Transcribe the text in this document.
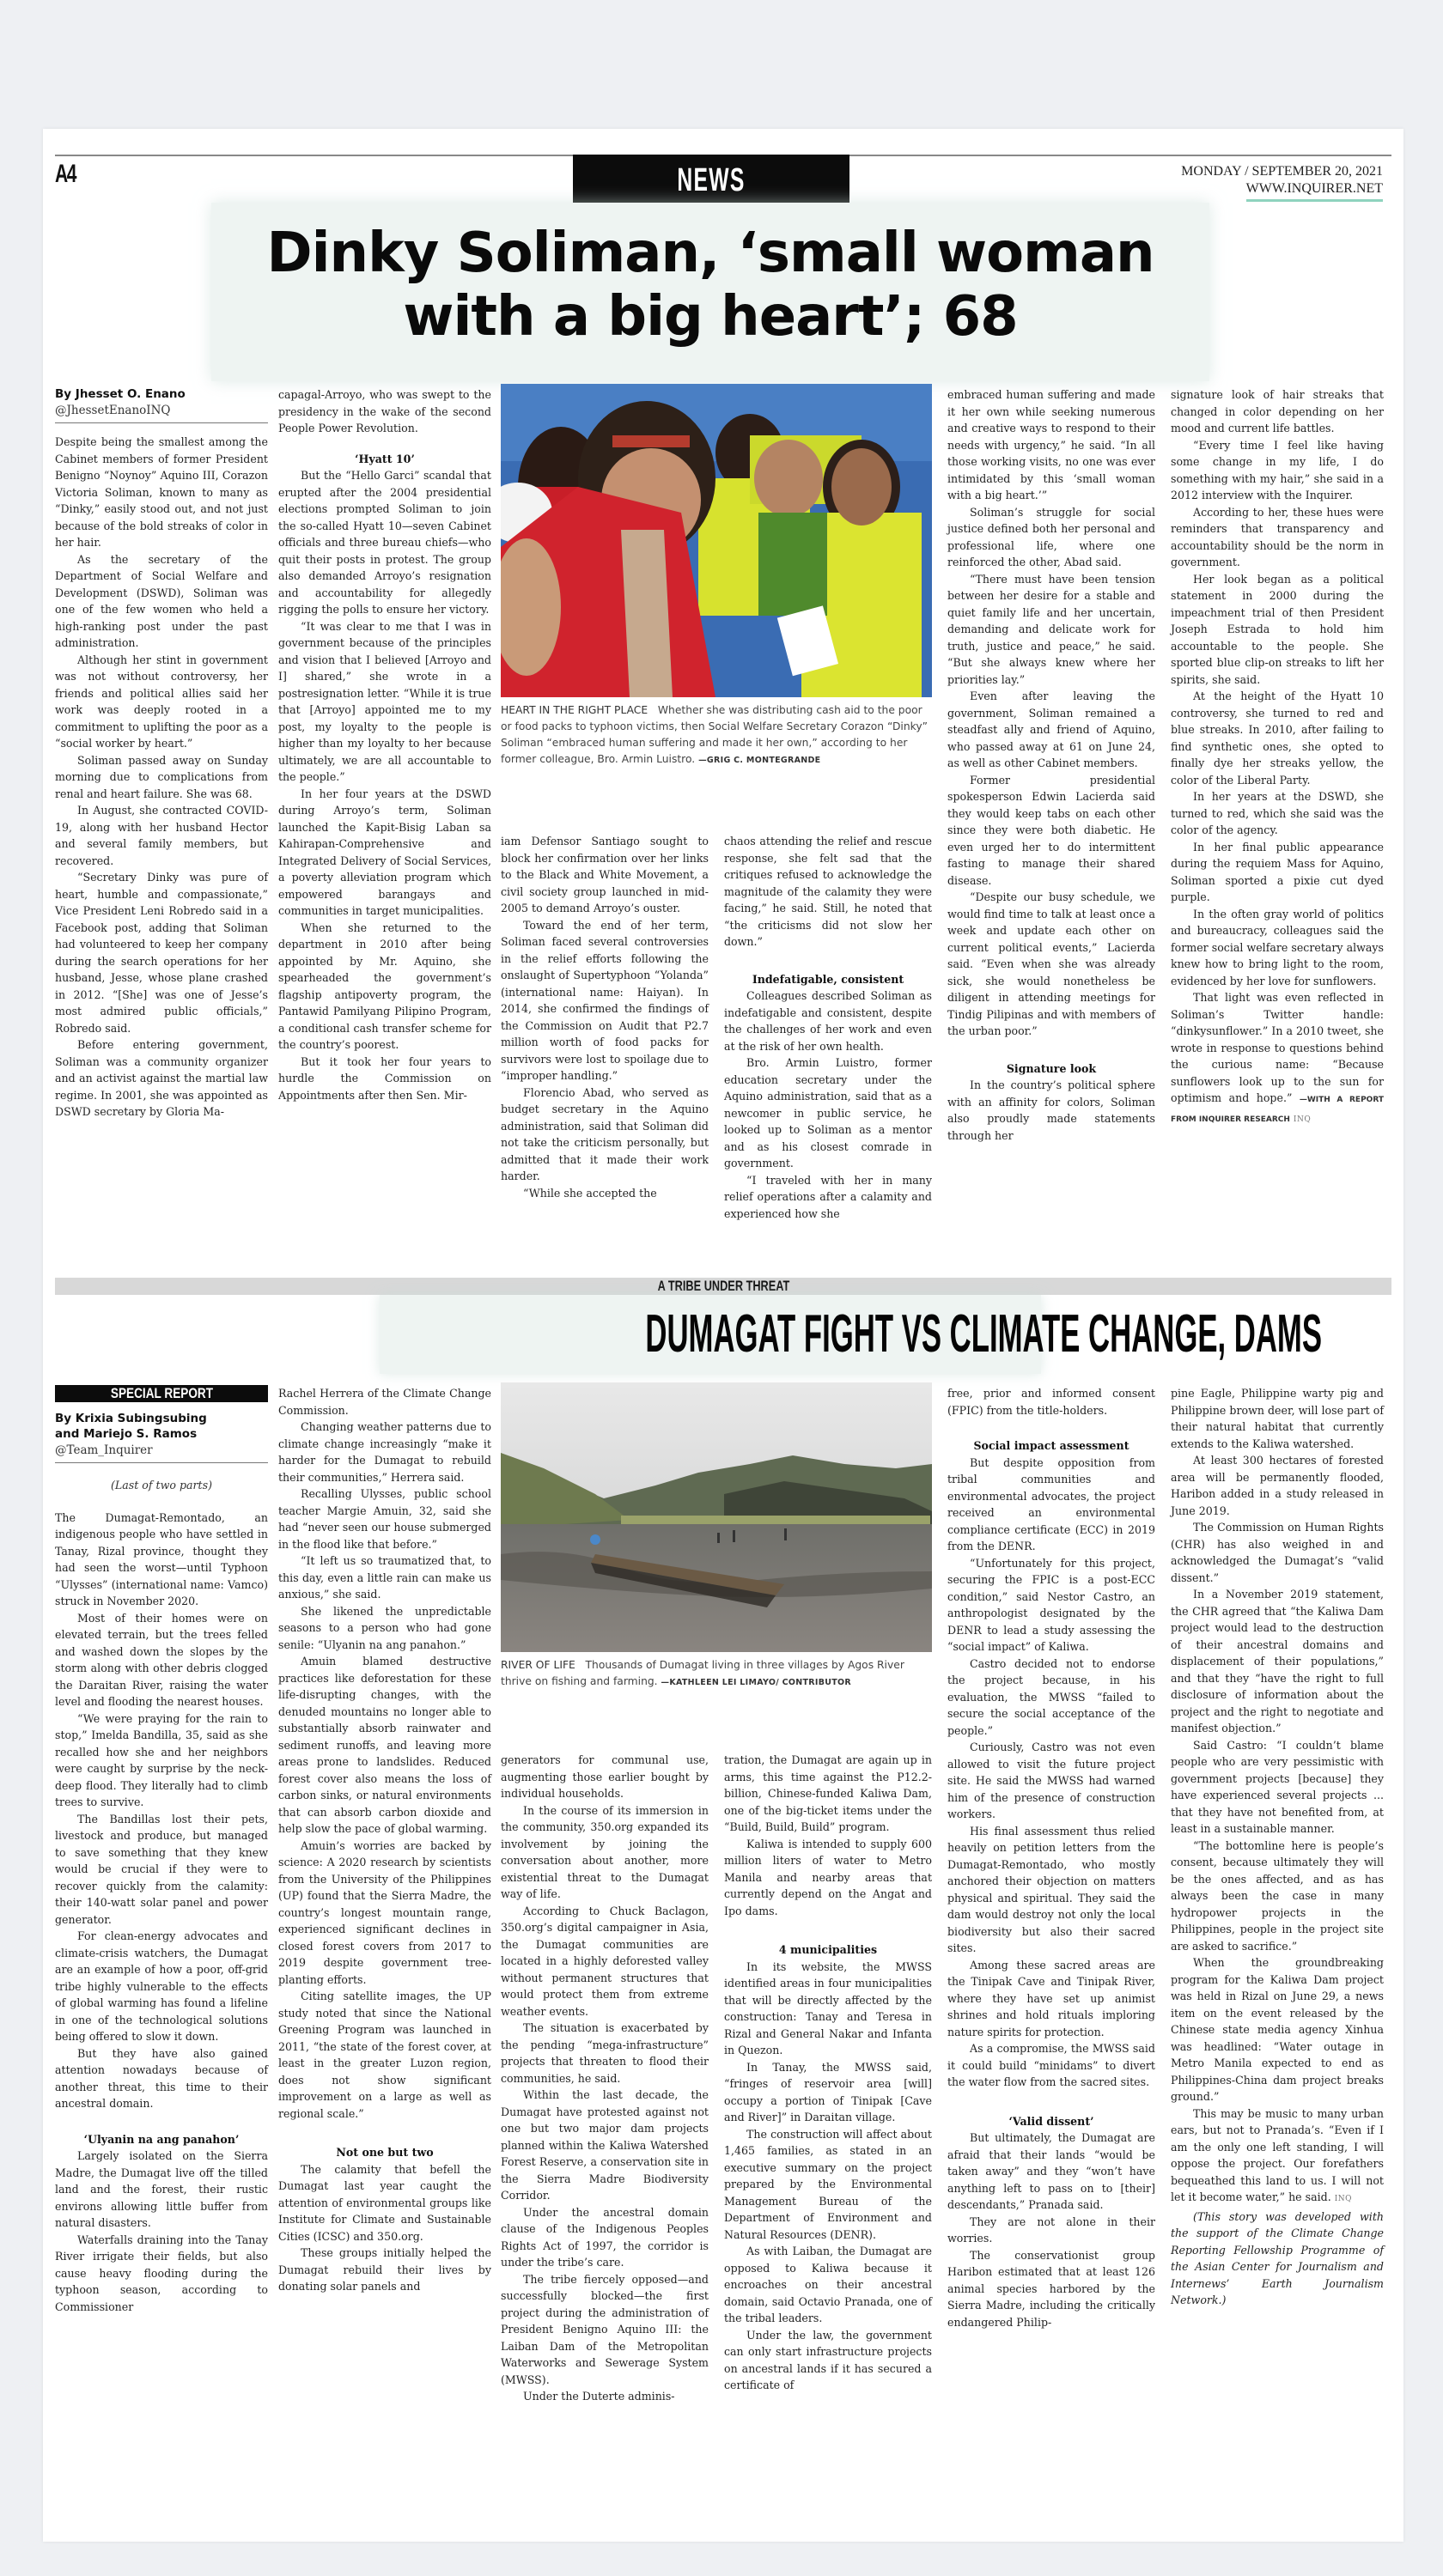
A4	NEWS	MONDAY / SEPTEMBER 20, 2021
WWW.INQUIRER.NET
Dinky Soliman, ‘small woman
with a big heart’; 68
By Jhesset O. Enano
@JhessetEnanoINQ

Despite being the smallest among the Cabinet members of former President Benigno “Noynoy” Aquino III, Corazon Victoria Soliman, known to many as “Dinky,” easily stood out, and not just because of the bold streaks of color in her hair.

As the secretary of the Department of Social Welfare and Development (DSWD), Soliman was one of the few women who held a high-ranking post under the past administration.

Although her stint in government was not without controversy, her friends and political allies said her work was deeply rooted in a commitment to uplifting the poor as a “social worker by heart.”

Soliman passed away on Sunday morning due to complications from renal and heart failure. She was 68.

In August, she contracted COVID-19, along with her husband Hector and several family members, but recovered.

“Secretary Dinky was pure of heart, humble and compassionate,” Vice President Leni Robredo said in a Facebook post, adding that Soliman had volunteered to keep her company during the search operations for her husband, Jesse, whose plane crashed in 2012. “[She] was one of Jesse’s most admired public officials,” Robredo said.

Before entering government, Soliman was a community organizer and an activist against the martial law regime. In 2001, she was appointed as DSWD secretary by Gloria Ma-

capagal-Arroyo, who was swept to the presidency in the wake of the second People Power Revolution.

‘Hyatt 10’

But the “Hello Garci” scandal that erupted after the 2004 presidential elections prompted Soliman to join the so-called Hyatt 10—seven Cabinet officials and three bureau chiefs—who quit their posts in protest. The group also demanded Arroyo’s resignation and accountability for allegedly rigging the polls to ensure her victory.

“It was clear to me that I was in government because of the principles and vision that I believed [Arroyo and I] shared,” she wrote in a postresignation letter. “While it is true that [Arroyo] appointed me to my post, my loyalty to the people is higher than my loyalty to her because ultimately, we are all accountable to the people.”

In her four years at the DSWD during Arroyo’s term, Soliman launched the Kapit-Bisig Laban sa Kahirapan-Comprehensive and Integrated Delivery of Social Services, a poverty alleviation program which empowered barangays and communities in target municipalities.

When she returned to the department in 2010 after being appointed by Mr. Aquino, she spearheaded the government’s flagship antipoverty program, the Pantawid Pamilyang Pilipino Program, a conditional cash transfer scheme for the country’s poorest.

But it took her four years to hurdle the Commission on Appointments after then Sen. Mir-

HEART IN THE RIGHT PLACE Whether she was distributing cash aid to the poor or food packs to typhoon victims, then Social Welfare Secretary Corazon “Dinky” Soliman “embraced human suffering and made it her own,” according to her former colleague, Bro. Armin Luistro. —GRIG C. MONTEGRANDE

iam Defensor Santiago sought to block her confirmation over her links to the Black and White Movement, a civil society group launched in mid-2005 to demand Arroyo’s ouster.

Toward the end of her term, Soliman faced several controversies in the relief efforts following the onslaught of Supertyphoon “Yolanda” (international name: Haiyan). In 2014, she confirmed the findings of the Commission on Audit that P2.7 million worth of food packs for survivors were lost to spoilage due to “improper handling.”

Florencio Abad, who served as budget secretary in the Aquino administration, said that Soliman did not take the criticism personally, but admitted that it made their work harder.

“While she accepted the

chaos attending the relief and rescue response, she felt sad that the critiques refused to acknowledge the magnitude of the calamity they were facing,” he said. Still, he noted that “the criticisms did not slow her down.”

Indefatigable, consistent

Colleagues described Soliman as indefatigable and consistent, despite the challenges of her work and even at the risk of her own health.

Bro. Armin Luistro, former education secretary under the Aquino administration, said that as a newcomer in public service, he looked up to Soliman as a mentor and as his closest comrade in government.

“I traveled with her in many relief operations after a calamity and experienced how she

embraced human suffering and made it her own while seeking numerous and creative ways to respond to their needs with urgency,” he said. “In all those working visits, no one was ever intimidated by this ‘small woman with a big heart.’”

Soliman’s struggle for social justice defined both her personal and professional life, where one reinforced the other, Abad said.

“There must have been tension between her desire for a stable and quiet family life and her uncertain, demanding and delicate work for truth, justice and peace,” he said. “But she always knew where her priorities lay.”

Even after leaving the government, Soliman remained a steadfast ally and friend of Aquino, who passed away at 61 on June 24, as well as other Cabinet members.

Former presidential spokesperson Edwin Lacierda said they would keep tabs on each other since they were both diabetic. He even urged her to do intermittent fasting to manage their shared disease.

“Despite our busy schedule, we would find time to talk at least once a week and update each other on current political events,” Lacierda said. “Even when she was already sick, she would nonetheless be diligent in attending meetings for Tindig Pilipinas and with members of the urban poor.”

Signature look

In the country’s political sphere with an affinity for colors, Soliman also proudly made statements through her

signature look of hair streaks that changed in color depending on her mood and current life battles.

“Every time I feel like having some change in my life, I do something with my hair,” she said in a 2012 interview with the Inquirer.

According to her, these hues were reminders that transparency and accountability should be the norm in government.

Her look began as a political statement in 2000 during the impeachment trial of then President Joseph Estrada to hold him accountable to the people. She sported blue clip-on streaks to lift her spirits, she said.

At the height of the Hyatt 10 controversy, she turned to red and blue streaks. In 2010, after failing to find synthetic ones, she opted to finally dye her streaks yellow, the color of the Liberal Party.

In her years at the DSWD, she turned to red, which she said was the color of the agency.

In her final public appearance during the requiem Mass for Aquino, Soliman sported a pixie cut dyed purple.

In the often gray world of politics and bureaucracy, colleagues said the former social welfare secretary always knew how to bring light to the room, evidenced by her love for sunflowers.

That light was even reflected in Soliman’s Twitter handle: “dinkysunflower.” In a 2010 tweet, she wrote in response to questions behind the curious name: “Because sunflowers look up to the sun for optimism and hope.” —WITH A REPORT FROM INQUIRER RESEARCH INQ

A TRIBE UNDER THREAT
DUMAGAT FIGHT VS CLIMATE CHANGE, DAMS
SPECIAL REPORT
By Krixia Subingsubing
and Mariejo S. Ramos
@Team_Inquirer
(Last of two parts)

The Dumagat-Remontado, an indigenous people who have settled in Tanay, Rizal province, thought they had seen the worst—until Typhoon “Ulysses” (international name: Vamco) struck in November 2020.

Most of their homes were on elevated terrain, but the trees felled and washed down the slopes by the storm along with other debris clogged the Daraitan River, raising the water level and flooding the nearest houses.

“We were praying for the rain to stop,” Imelda Bandilla, 35, said as she recalled how she and her neighbors were caught by surprise by the neck-deep flood. They literally had to climb trees to survive.

The Bandillas lost their pets, livestock and produce, but managed to save something that they knew would be crucial if they were to recover quickly from the calamity: their 140-watt solar panel and power generator.

For clean-energy advocates and climate-crisis watchers, the Dumagat are an example of how a poor, off-grid tribe highly vulnerable to the effects of global warming has found a lifeline in one of the technological solutions being offered to slow it down.

But they have also gained attention nowadays because of another threat, this time to their ancestral domain.

‘Ulyanin na ang panahon’

Largely isolated on the Sierra Madre, the Dumagat live off the tilled land and the forest, their rustic environs allowing little buffer from natural disasters.

Waterfalls draining into the Tanay River irrigate their fields, but also cause heavy flooding during the typhoon season, according to Commissioner

Rachel Herrera of the Climate Change Commission.

Changing weather patterns due to climate change increasingly “make it harder for the Dumagat to rebuild their communities,” Herrera said.

Recalling Ulysses, public school teacher Margie Amuin, 32, said she had “never seen our house submerged in the flood like that before.”

“It left us so traumatized that, to this day, even a little rain can make us anxious,” she said.

She likened the unpredictable seasons to a person who had gone senile: “Ulyanin na ang panahon.”

Amuin blamed destructive practices like deforestation for these life-disrupting changes, with the denuded mountains no longer able to substantially absorb rainwater and sediment runoffs, and leaving more areas prone to landslides. Reduced forest cover also means the loss of carbon sinks, or natural environments that can absorb carbon dioxide and help slow the pace of global warming.

Amuin’s worries are backed by science: A 2020 research by scientists from the University of the Philippines (UP) found that the Sierra Madre, the country’s longest mountain range, experienced significant declines in closed forest covers from 2017 to 2019 despite government tree-planting efforts.

Citing satellite images, the UP study noted that since the National Greening Program was launched in 2011, “the state of the forest cover, at least in the greater Luzon region, does not show significant improvement on a large as well as regional scale.”

Not one but two

The calamity that befell the Dumagat last year caught the attention of environmental groups like Institute for Climate and Sustainable Cities (ICSC) and 350.org.

These groups initially helped the Dumagat rebuild their lives by donating solar panels and

RIVER OF LIFE Thousands of Dumagat living in three villages by Agos River thrive on fishing and farming. —KATHLEEN LEI LIMAYO/ CONTRIBUTOR

generators for communal use, augmenting those earlier bought by individual households.

In the course of its immersion in the community, 350.org expanded its involvement by joining the conversation about another, more existential threat to the Dumagat way of life.

According to Chuck Baclagon, 350.org’s digital campaigner in Asia, the Dumagat communities are located in a highly deforested valley without permanent structures that would protect them from extreme weather events.

The situation is exacerbated by the pending “mega-infrastructure” projects that threaten to flood their communities, he said.

Within the last decade, the Dumagat have protested against not one but two major dam projects planned within the Kaliwa Watershed Forest Reserve, a conservation site in the Sierra Madre Biodiversity Corridor.

Under the ancestral domain clause of the Indigenous Peoples Rights Act of 1997, the corridor is under the tribe’s care.

The tribe fiercely opposed—and successfully blocked—the first project during the administration of President Benigno Aquino III: the Laiban Dam of the Metropolitan Waterworks and Sewerage System (MWSS).

Under the Duterte adminis-

tration, the Dumagat are again up in arms, this time against the P12.2-billion, Chinese-funded Kaliwa Dam, one of the big-ticket items under the “Build, Build, Build” program.

Kaliwa is intended to supply 600 million liters of water to Metro Manila and nearby areas that currently depend on the Angat and Ipo dams.

4 municipalities

In its website, the MWSS identified areas in four municipalities that will be directly affected by the construction: Tanay and Teresa in Rizal and General Nakar and Infanta in Quezon.

In Tanay, the MWSS said, “fringes of reservoir area [will] occupy a portion of Tinipak [Cave and River]” in Daraitan village.

The construction will affect about 1,465 families, as stated in an executive summary on the project prepared by the Environmental Management Bureau of the Department of Environment and Natural Resources (DENR).

As with Laiban, the Dumagat are opposed to Kaliwa because it encroaches on their ancestral domain, said Octavio Pranada, one of the tribal leaders.

Under the law, the government can only start infrastructure projects on ancestral lands if it has secured a certificate of

free, prior and informed consent (FPIC) from the title-holders.

Social impact assessment

But despite opposition from tribal communities and environmental advocates, the project received an environmental compliance certificate (ECC) in 2019 from the DENR.

“Unfortunately for this project, securing the FPIC is a post-ECC condition,” said Nestor Castro, an anthropologist designated by the DENR to lead a study assessing the “social impact” of Kaliwa.

Castro decided not to endorse the project because, in his evaluation, the MWSS “failed to secure the social acceptance of the people.”

Curiously, Castro was not even allowed to visit the future project site. He said the MWSS had warned him of the presence of construction workers.

His final assessment thus relied heavily on petition letters from the Dumagat-Remontado, who mostly anchored their objection on matters physical and spiritual. They said the dam would destroy not only the local biodiversity but also their sacred sites.

Among these sacred areas are the Tinipak Cave and Tinipak River, where they have set up animist shrines and hold rituals imploring nature spirits for protection.

As a compromise, the MWSS said it could build “minidams” to divert the water flow from the sacred sites.

‘Valid dissent’

But ultimately, the Dumagat are afraid that their lands “would be taken away” and they “won’t have anything left to pass on to [their] descendants,” Pranada said.

They are not alone in their worries.

The conservationist group Haribon estimated that at least 126 animal species harbored by the Sierra Madre, including the critically endangered Philip-

pine Eagle, Philippine warty pig and Philippine brown deer, will lose part of their natural habitat that currently extends to the Kaliwa watershed.

At least 300 hectares of forested area will be permanently flooded, Haribon added in a study released in June 2019.

The Commission on Human Rights (CHR) has also weighed in and acknowledged the Dumagat’s “valid dissent.”

In a November 2019 statement, the CHR agreed that “the Kaliwa Dam project would lead to the destruction of their ancestral domains and displacement of their populations,” and that they “have the right to full disclosure of information about the project and the right to negotiate and manifest objection.”

Said Castro: “I couldn’t blame people who are very pessimistic with government projects [because] they have experienced several projects ... that they have not benefited from, at least in a sustainable manner.

“The bottomline here is people’s consent, because ultimately they will be the ones affected, and as has always been the case in many hydropower projects in the Philippines, people in the project site are asked to sacrifice.”

When the groundbreaking program for the Kaliwa Dam project was held in Rizal on June 29, a news item on the event released by the Chinese state media agency Xinhua was headlined: “Water outage in Metro Manila expected to end as Philippines-China dam project breaks ground.”

This may be music to many urban ears, but not to Pranada’s. “Even if I am the only one left standing, I will oppose the project. Our forefathers bequeathed this land to us. I will not let it become water,” he said. INQ

(This story was developed with the support of the Climate Change Reporting Fellowship Programme of the Asian Center for Journalism and Internews’ Earth Journalism Network.)
